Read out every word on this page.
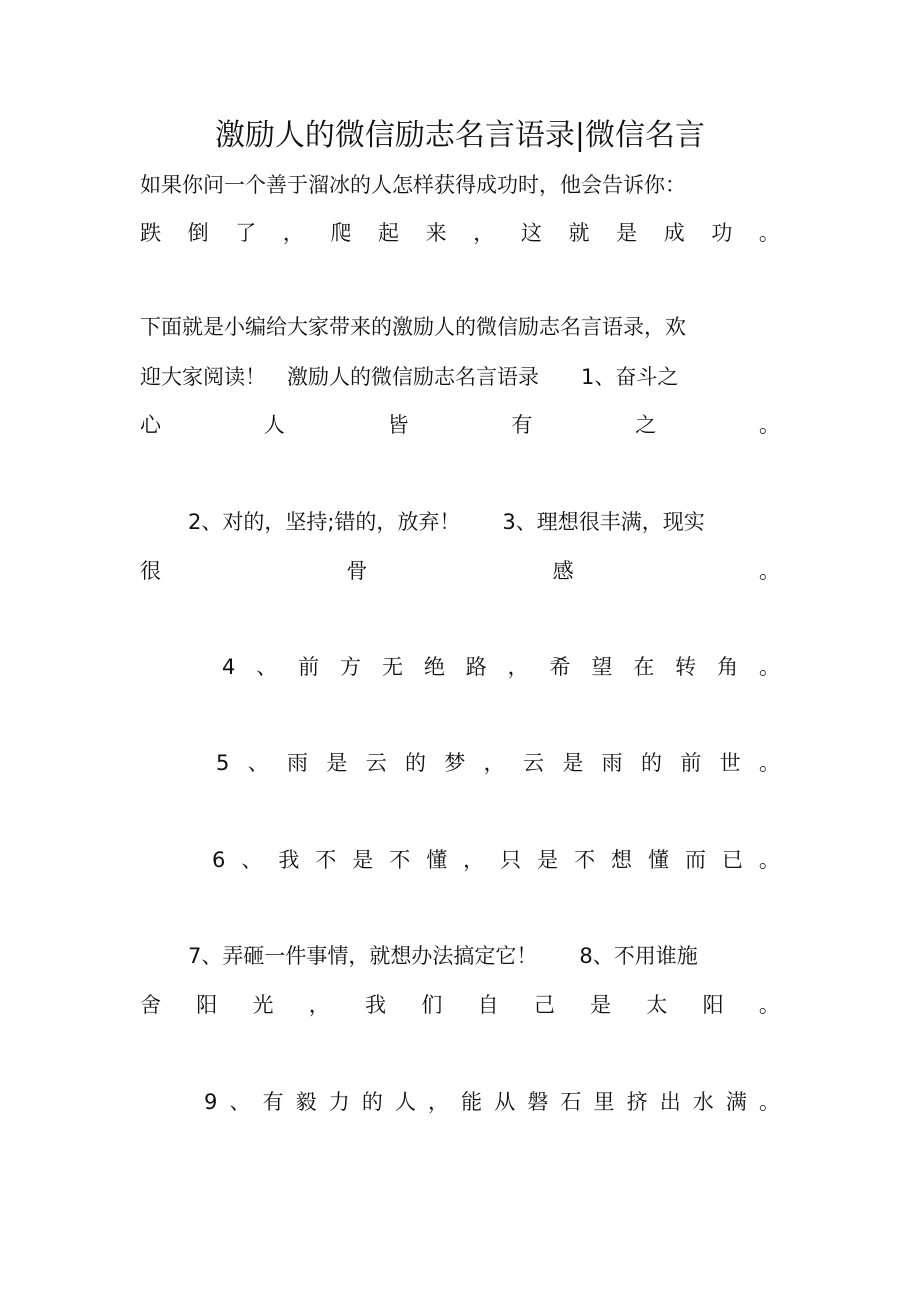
激励人的微信励志名言语录|微信名言
如果你问一个善于溜冰的人怎样获得成功时，他会告诉你：
跌 倒 了 ， 爬 起 来 ， 这 就 是 成 功 。
下面就是小编给大家带来的激励人的微信励志名言语录，欢
迎大家阅读！　激励人的微信励志名言语录　　1、奋斗之
心	人	皆	有	之	。
2、对的，坚持;错的，放弃！　　3、理想很丰满，现实
很	骨	感	。
4 、 前 方 无 绝 路 ， 希 望 在 转 角 。
5 、 雨 是 云 的 梦 ， 云 是 雨 的 前 世 。
6 、 我 不 是 不 懂 ， 只 是 不 想 懂 而 已 。
7、弄砸一件事情，就想办法搞定它！　　8、不用谁施
舍 阳 光 ， 我 们 自 己 是 太 阳 。
9 、 有 毅 力 的 人 ， 能 从 磐 石 里 挤 出 水 满 。
